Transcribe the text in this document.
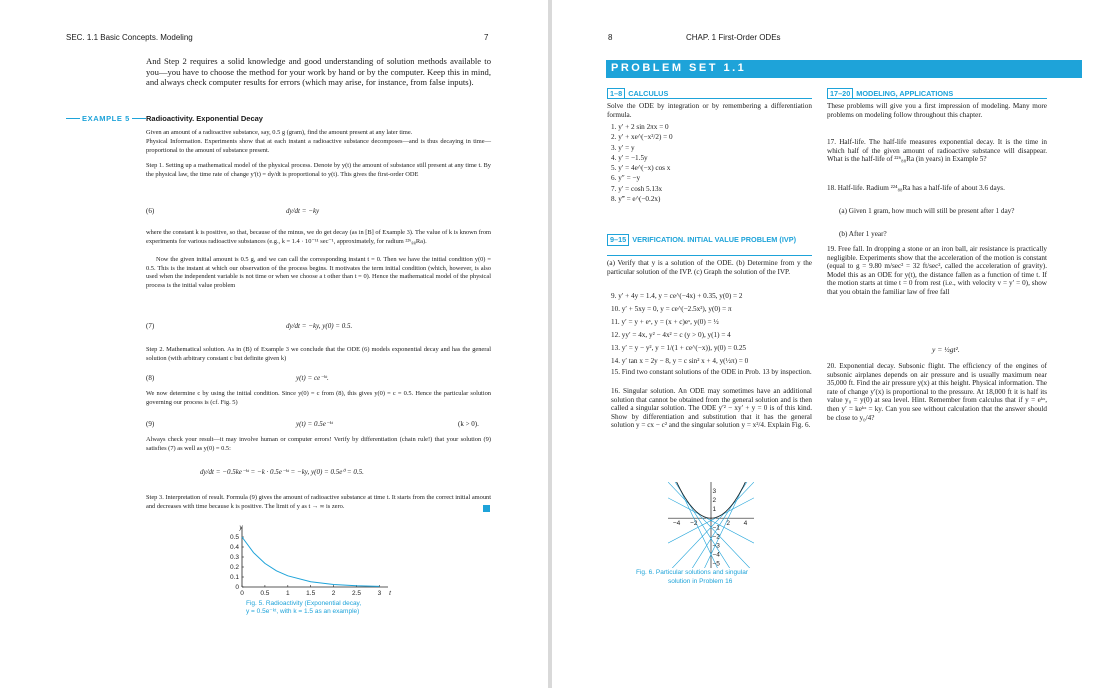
SEC. 1.1 Basic Concepts. Modeling	7
And Step 2 requires a solid knowledge and good understanding of solution methods available to you—you have to choose the method for your work by hand or by the computer. Keep this in mind, and always check computer results for errors (which may arise, for instance, from false inputs).
EXAMPLE 5 Radioactivity. Exponential Decay
Given an amount of a radioactive substance, say, 0.5 g (gram), find the amount present at any later time.
Physical Information. Experiments show that at each instant a radioactive substance decomposes—and is thus decaying in time—proportional to the amount of substance present.
Step 1. Setting up a mathematical model of the physical process. Denote by y(t) the amount of substance still present at any time t. By the physical law, the time rate of change y'(t) = dy/dt is proportional to y(t). This gives the first-order ODE
(6)	dy/dt = −ky
where the constant k is positive, so that, because of the minus, we do get decay (as in [B] of Example 3). The value of k is known from experiments for various radioactive substances (e.g., k = 1.4 · 10⁻¹¹ sec⁻¹, approximately, for radium ²²⁶₈₈Ra).
Now the given initial amount is 0.5 g, and we can call the corresponding instant t = 0. Then we have the initial condition y(0) = 0.5. This is the instant at which our observation of the process begins. It motivates the term initial condition (which, however, is also used when the independent variable is not time or when we choose a t other than t = 0). Hence the mathematical model of the physical process is the initial value problem
(7)	dy/dt = −ky, y(0) = 0.5.
Step 2. Mathematical solution. As in (B) of Example 3 we conclude that the ODE (6) models exponential decay and has the general solution (with arbitrary constant c but definite given k)
(8)	y(t) = ce⁻ᵏᵗ.
We now determine c by using the initial condition. Since y(0) = c from (8), this gives y(0) = c = 0.5. Hence the particular solution governing our process is (cf. Fig. 5)
(9)	y(t) = 0.5e⁻ᵏᵗ	(k > 0).
Always check your result—it may involve human or computer errors! Verify by differentiation (chain rule!) that your solution (9) satisfies (7) as well as y(0) = 0.5:
dy/dt = −0.5ke⁻ᵏᵗ = −k · 0.5e⁻ᵏᵗ = −ky, y(0) = 0.5e⁰ = 0.5.
Step 3. Interpretation of result. Formula (9) gives the amount of radioactive substance at time t. It starts from the correct initial amount and decreases with time because k is positive. The limit of y as t → ∞ is zero.
0	0.5	1	1.5	2	2.5	3
0
0.1
0.2
0.3
0.4
0.5
y
t
Fig. 5. Radioactivity (Exponential decay,
y = 0.5e⁻ᵏᵗ, with k = 1.5 as an example)
8	CHAP. 1 First-Order ODEs
PROBLEM SET 1.1
1–8 CALCULUS
Solve the ODE by integration or by remembering a differentiation formula.
1. y′ + 2 sin 2πx = 0
2. y′ + xe^(−x²/2) = 0
3. y′ = y
4. y′ = −1.5y
5. y′ = 4e^(−x) cos x
6. y″ = −y
7. y′ = cosh 5.13x
8. y‴ = e^(−0.2x)
9–15 VERIFICATION. INITIAL VALUE PROBLEM (IVP)
(a) Verify that y is a solution of the ODE. (b) Determine from y the particular solution of the IVP. (c) Graph the solution of the IVP.
9. y′ + 4y = 1.4, y = ce^(−4x) + 0.35, y(0) = 2
10. y′ + 5xy = 0, y = ce^(−2.5x²), y(0) = π
11. y′ = y + eˣ, y = (x + c)eˣ, y(0) = ½
12. yy′ = 4x, y² − 4x² = c (y > 0), y(1) = 4
13. y′ = y − y², y = 1/(1 + ce^(−x)), y(0) = 0.25
14. y′ tan x = 2y − 8, y = c sin² x + 4, y(½π) = 0
15. Find two constant solutions of the ODE in Prob. 13 by inspection.
16. Singular solution. An ODE may sometimes have an additional solution that cannot be obtained from the general solution and is then called a singular solution. The ODE y′² − xy′ + y = 0 is of this kind. Show by differentiation and substitution that it has the general solution y = cx − c² and the singular solution y = x²/4. Explain Fig. 6.
−4 −2	2 4
3
2
1
−1
−2
−3
−4
−5
Fig. 6. Particular solutions and singular
solution in Problem 16
17–20 MODELING, APPLICATIONS
These problems will give you a first impression of modeling. Many more problems on modeling follow throughout this chapter.
17. Half-life. The half-life measures exponential decay. It is the time in which half of the given amount of radioactive substance will disappear. What is the half-life of ²²⁶₈₈Ra (in years) in Example 5?
18. Half-life. Radium ²²⁴₈₈Ra has a half-life of about 3.6 days.
(a) Given 1 gram, how much will still be present after 1 day?
(b) After 1 year?
19. Free fall. In dropping a stone or an iron ball, air resistance is practically negligible. Experiments show that the acceleration of the motion is constant (equal to g = 9.80 m/sec² = 32 ft/sec², called the acceleration of gravity). Model this as an ODE for y(t), the distance fallen as a function of time t. If the motion starts at time t = 0 from rest (i.e., with velocity v = y′ = 0), show that you obtain the familiar law of free fall
y = ½gt².
20. Exponential decay. Subsonic flight. The efficiency of the engines of subsonic airplanes depends on air pressure and is usually maximum near 35,000 ft. Find the air pressure y(x) at this height. Physical information. The rate of change y′(x) is proportional to the pressure. At 18,000 ft it is half its value y₀ = y(0) at sea level. Hint. Remember from calculus that if y = eᵏˣ, then y′ = keᵏˣ = ky. Can you see without calculation that the answer should be close to y₀/4?
